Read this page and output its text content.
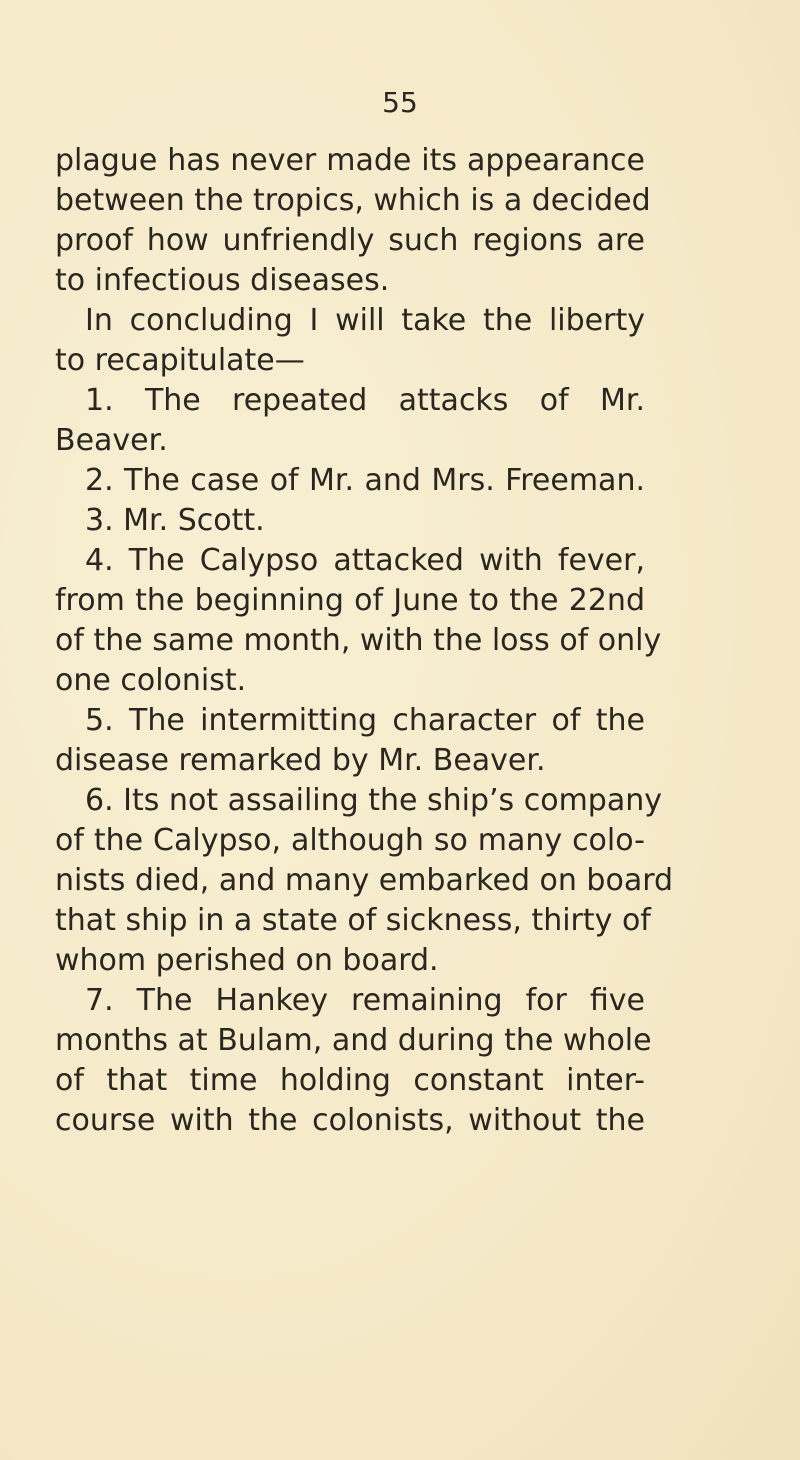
55
plague has never made its appearance
between the tropics, which is a decided
proof how unfriendly such regions are
to infectious diseases.
In concluding I will take the liberty
to recapitulate—
1. The repeated attacks of Mr.
Beaver.
2. The case of Mr. and Mrs. Freeman.
3. Mr. Scott.
4. The Calypso attacked with fever,
from the beginning of June to the 22nd
of the same month, with the loss of only
one colonist.
5. The intermitting character of the
disease remarked by Mr. Beaver.
6. Its not assailing the ship’s company
of the Calypso, although so many colo-
nists died, and many embarked on board
that ship in a state of sickness, thirty of
whom perished on board.
7. The Hankey remaining for five
months at Bulam, and during the whole
of that time holding constant inter-
course with the colonists, without the
